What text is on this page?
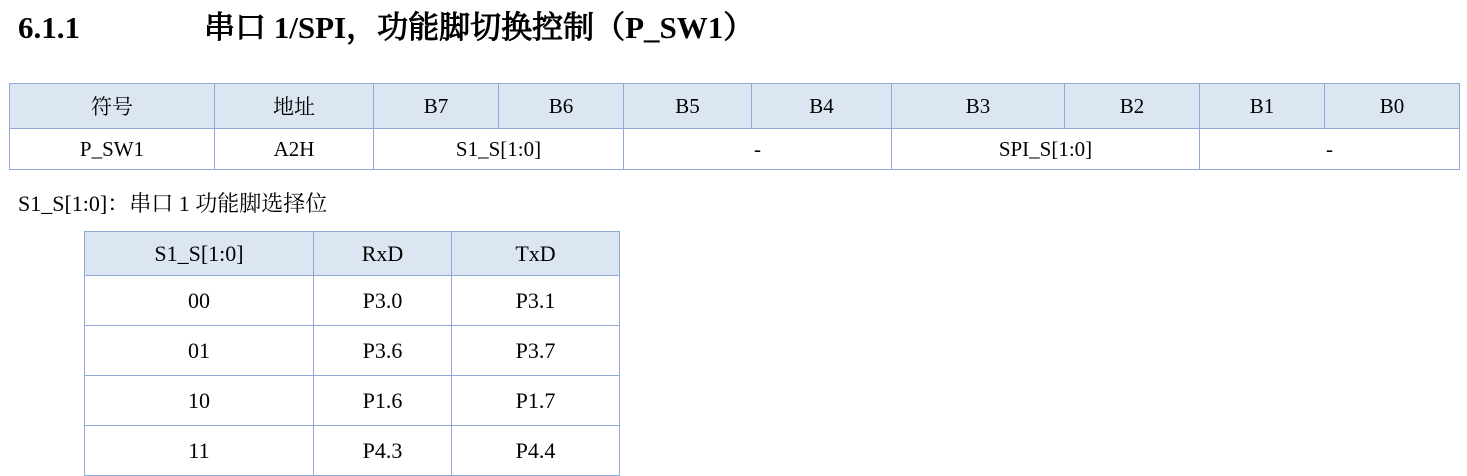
6.1.1	串口 1/SPI，功能脚切换控制（P_SW1）
符号	地址	B7	B6	B5	B4	B3	B2	B1	B0
P_SW1	A2H	S1_S[1:0]		-		SPI_S[1:0]		-	
S1_S[1:0]：串口 1 功能脚选择位
S1_S[1:0]	RxD	TxD
00	P3.0	P3.1
01	P3.6	P3.7
10	P1.6	P1.7
11	P4.3	P4.4
